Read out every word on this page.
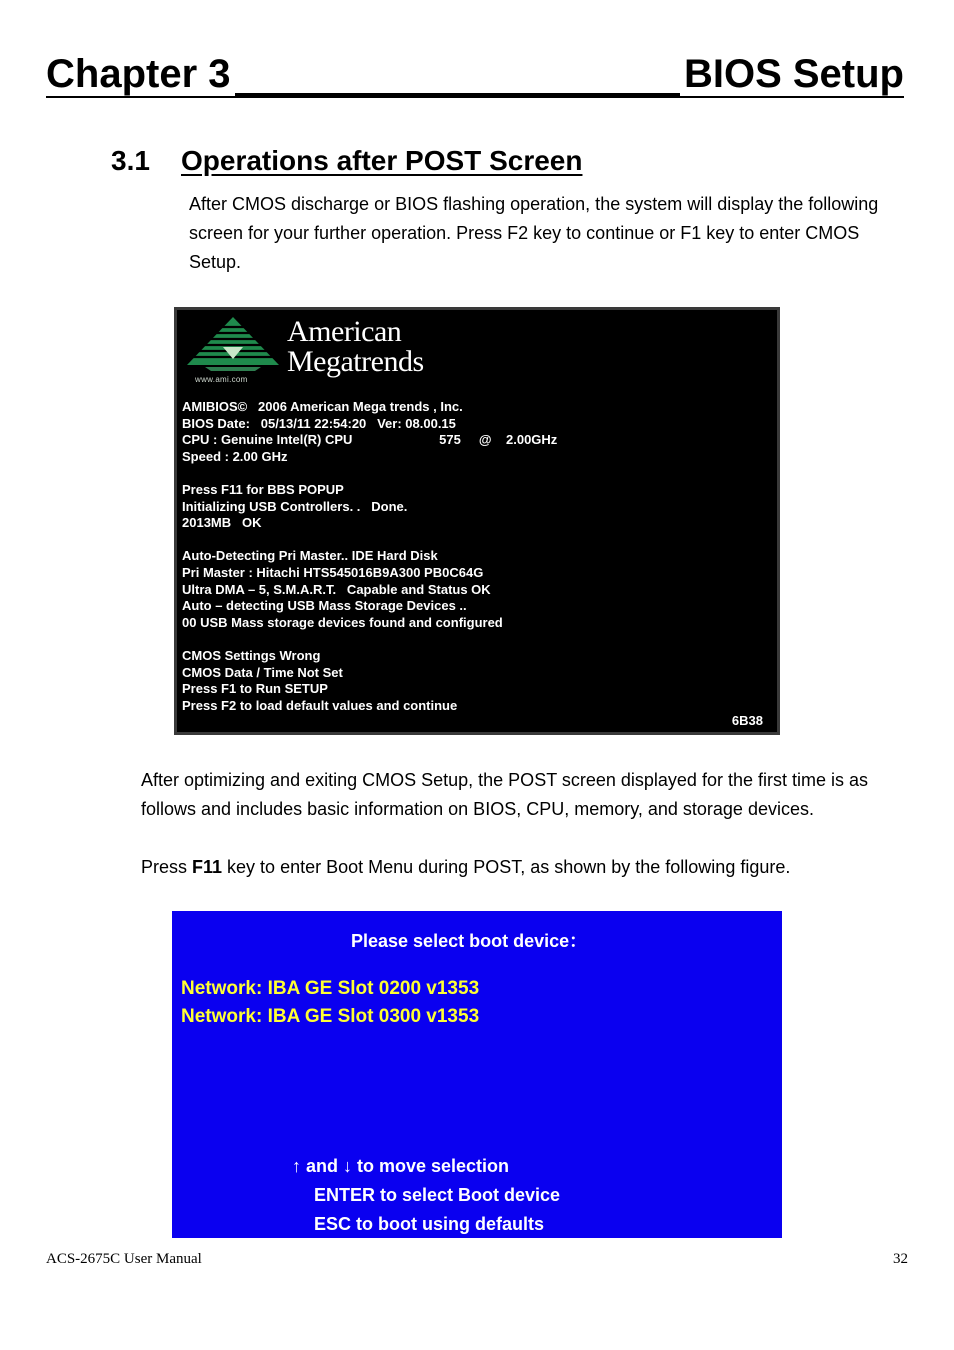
Chapter 3	BIOS Setup
3.1 Operations after POST Screen
After CMOS discharge or BIOS flashing operation, the system will display the following screen for your further operation. Press F2 key to continue or F1 key to enter CMOS Setup.
American
Megatrends
www.ami.com
AMIBIOS©   2006 American Mega trends , Inc.
BIOS Date:   05/13/11 22:54:20   Ver: 08.00.15
CPU : Genuine Intel(R) CPU                        575     @    2.00GHz
Speed : 2.00 GHz
Press F11 for BBS POPUP
Initializing USB Controllers. .   Done.
2013MB   OK
Auto-Detecting Pri Master.. IDE Hard Disk
Pri Master : Hitachi HTS545016B9A300 PB0C64G
Ultra DMA – 5, S.M.A.R.T.   Capable and Status OK
Auto – detecting USB Mass Storage Devices ..
00 USB Mass storage devices found and configured
CMOS Settings Wrong
CMOS Data / Time Not Set
Press F1 to Run SETUP
Press F2 to load default values and continue
6B38
After optimizing and exiting CMOS Setup, the POST screen displayed for the first time is as follows and includes basic information on BIOS, CPU, memory, and storage devices.
Press F11 key to enter Boot Menu during POST, as shown by the following figure.
Please select boot device：
Network: IBA GE Slot 0200 v1353
Network: IBA GE Slot 0300 v1353
↑ and ↓ to move selection
ENTER to select Boot device
ESC to boot using defaults
ACS-2675C User Manual	32
